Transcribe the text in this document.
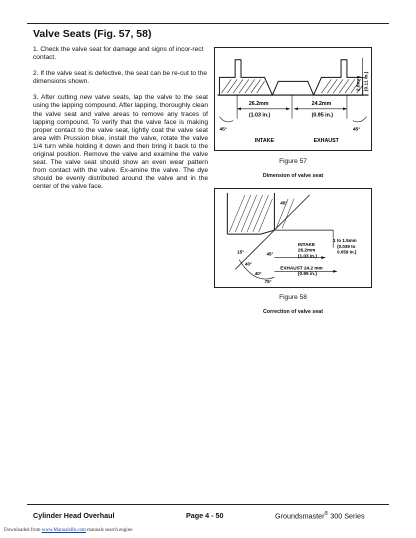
Valve Seats (Fig. 57, 58)

1. Check the valve seat for damage and signs of incor-rect contact.

2. If the valve seat is defective, the seat can be re-cut to the dimensions shown.

3. After cutting new valve seats, lap the valve to the seat using the lapping compound. After lapping, thoroughly clean the valve seat and valve areas to remove any traces of lapping compound. To verify that the valve face is making proper contact to the valve seat, lightly coat the valve seat area with Prussion blue, install the valve, rotate the valve 1/4 turn while holding it down and then bring it back to the original position. Remove the valve and examine the valve seat. The valve seat should show an even wear pattern from contact with the valve. Ex-amine the valve. The dye should be evenly distributed around the valve and in the center of the valve face.

26.2mm
(1.03 in.)
24.2mm
(0.95 in.)
45°	45°
INTAKE	EXHAUST
2.8mm (0.11 in.)
Figure 57
Dimension of valve seat
45°
1 to 1.5mm
(0.039 to
0.059 in.)
INTAKE
26.2mm
(1.03 in.)
EXHAUST 24.2 mm
(0.95 in.)
45°
15°
40°
40°
75°
Figure 58
Correction of valve seat
Cylinder Head Overhaul	Page 4 - 50	Groundsmaster® 300 Series
Downloaded from www.Manualslib.com manuals search engine
